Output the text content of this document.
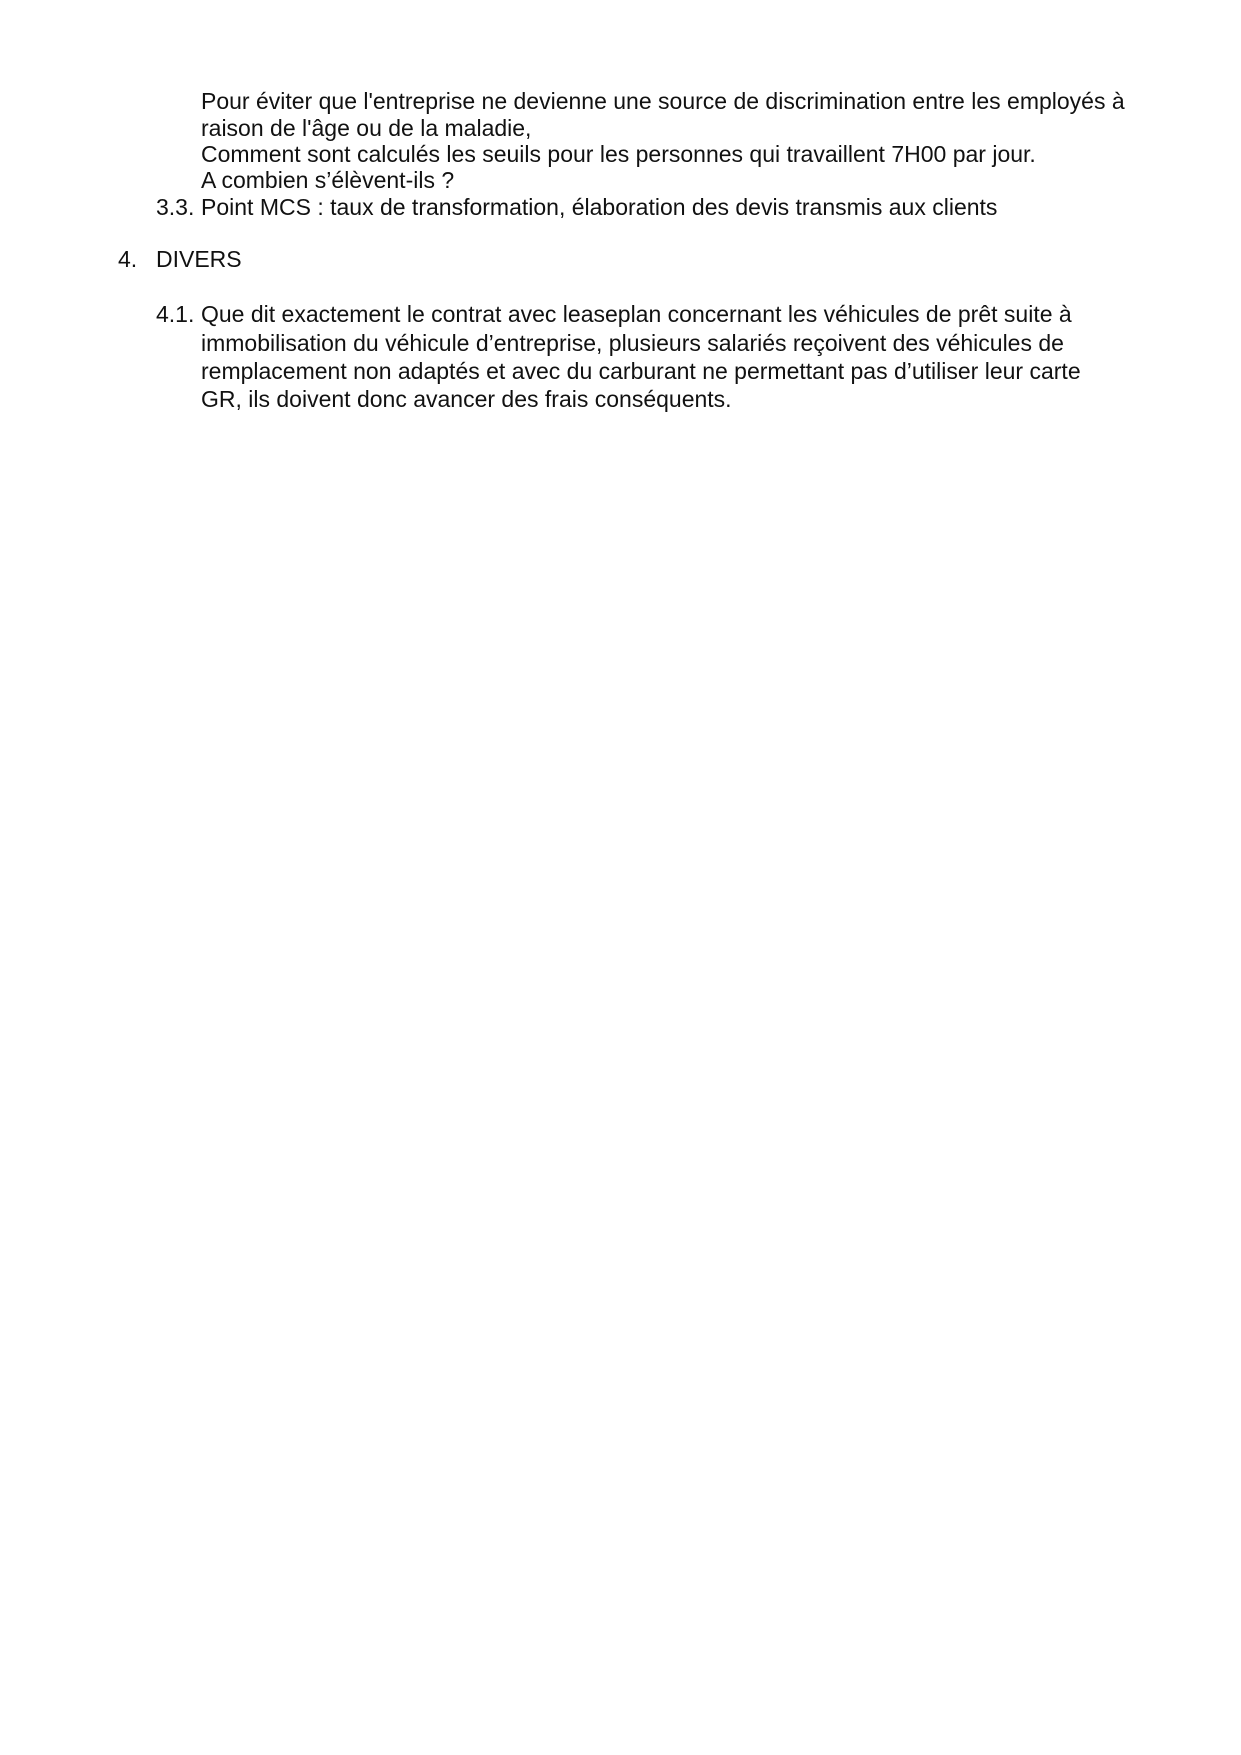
Pour éviter que l'entreprise ne devienne une source de discrimination entre les employés à

raison de l'âge ou de la maladie,

Comment sont calculés les seuils pour les personnes qui travaillent 7H00 par jour.

A combien s’élèvent-ils ?

3.3. Point MCS : taux de transformation, élaboration des devis transmis aux clients
4. DIVERS
4.1. Que dit exactement le contrat avec leaseplan concernant les véhicules de prêt suite à

immobilisation du véhicule d’entreprise, plusieurs salariés reçoivent des véhicules de

remplacement non adaptés et avec du carburant ne permettant pas d’utiliser leur carte

GR, ils doivent donc avancer des frais conséquents.
